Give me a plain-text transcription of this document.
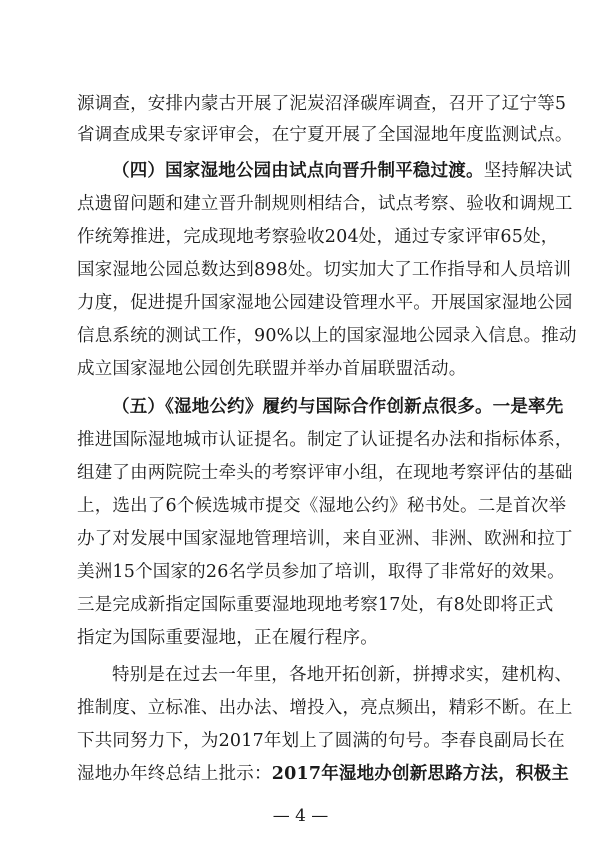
源调查，安排内蒙古开展了泥炭沼泽碳库调查，召开了辽宁等5
省调查成果专家评审会，在宁夏开展了全国湿地年度监测试点。
（四）国家湿地公园由试点向晋升制平稳过渡。坚持解决试
点遗留问题和建立晋升制规则相结合，试点考察、验收和调规工
作统筹推进，完成现地考察验收204处，通过专家评审65处，
国家湿地公园总数达到898处。切实加大了工作指导和人员培训
力度，促进提升国家湿地公园建设管理水平。开展国家湿地公园
信息系统的测试工作，90%以上的国家湿地公园录入信息。推动
成立国家湿地公园创先联盟并举办首届联盟活动。
（五）《湿地公约》履约与国际合作创新点很多。一是率先
推进国际湿地城市认证提名。制定了认证提名办法和指标体系，
组建了由两院院士牵头的考察评审小组，在现地考察评估的基础
上，选出了6个候选城市提交《湿地公约》秘书处。二是首次举
办了对发展中国家湿地管理培训，来自亚洲、非洲、欧洲和拉丁
美洲15个国家的26名学员参加了培训，取得了非常好的效果。
三是完成新指定国际重要湿地现地考察17处，有8处即将正式
指定为国际重要湿地，正在履行程序。
特别是在过去一年里，各地开拓创新，拼搏求实，建机构、
推制度、立标准、出办法、增投入，亮点频出，精彩不断。在上
下共同努力下，为2017年划上了圆满的句号。李春良副局长在
湿地办年终总结上批示：2017年湿地办创新思路方法，积极主
— 4 —
